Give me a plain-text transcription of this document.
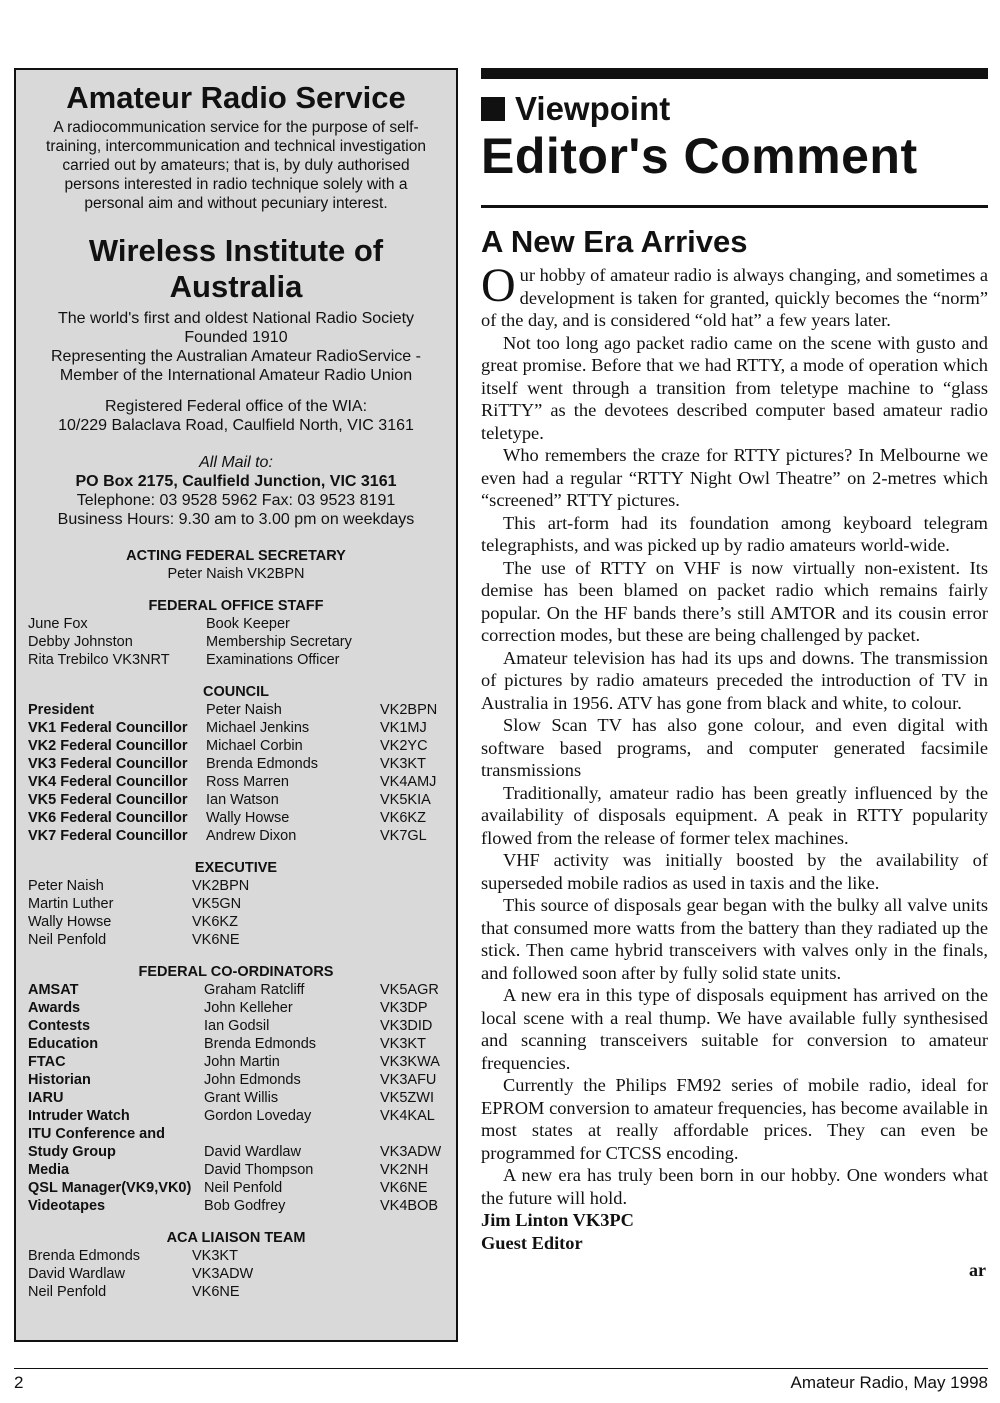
Amateur Radio Service
A radiocommunication service for the purpose of self-training, intercommunication and technical investigation carried out by amateurs; that is, by duly authorised persons interested in radio technique solely with a personal aim and without pecuniary interest.
Wireless Institute of
Australia
The world's first and oldest National Radio Society
Founded 1910
Representing the Australian Amateur RadioService -
Member of the International Amateur Radio Union
Registered Federal office of the WIA:
10/229 Balaclava Road, Caulfield North, VIC 3161
All Mail to:
PO Box 2175, Caulfield Junction, VIC 3161
Telephone: 03 9528 5962 Fax: 03 9523 8191
Business Hours: 9.30 am to 3.00 pm on weekdays
ACTING FEDERAL SECRETARY
Peter Naish VK2BPN
FEDERAL OFFICE STAFF
June Fox	Book Keeper
Debby Johnston	Membership Secretary
Rita Trebilco VK3NRT	Examinations Officer
COUNCIL
President	Peter Naish	VK2BPN
VK1 Federal Councillor	Michael Jenkins	VK1MJ
VK2 Federal Councillor	Michael Corbin	VK2YC
VK3 Federal Councillor	Brenda Edmonds	VK3KT
VK4 Federal Councillor	Ross Marren	VK4AMJ
VK5 Federal Councillor	Ian Watson	VK5KIA
VK6 Federal Councillor	Wally Howse	VK6KZ
VK7 Federal Councillor	Andrew Dixon	VK7GL
EXECUTIVE
Peter Naish	VK2BPN
Martin Luther	VK5GN
Wally Howse	VK6KZ
Neil Penfold	VK6NE
FEDERAL CO-ORDINATORS
AMSAT	Graham Ratcliff	VK5AGR
Awards	John Kelleher	VK3DP
Contests	Ian Godsil	VK3DID
Education	Brenda Edmonds	VK3KT
FTAC	John Martin	VK3KWA
Historian	John Edmonds	VK3AFU
IARU	Grant Willis	VK5ZWI
Intruder Watch	Gordon Loveday	VK4KAL
ITU Conference and		
Study Group	David Wardlaw	VK3ADW
Media	David Thompson	VK2NH
QSL Manager(VK9,VK0)	Neil Penfold	VK6NE
Videotapes	Bob Godfrey	VK4BOB
ACA LIAISON TEAM
Brenda Edmonds	VK3KT
David Wardlaw	VK3ADW
Neil Penfold	VK6NE
Viewpoint
Editor's Comment
A New Era Arrives

Our hobby of amateur radio is always changing, and sometimes a development is taken for granted, quickly becomes the “norm” of the day, and is considered “old hat” a few years later.

Not too long ago packet radio came on the scene with gusto and great promise. Before that we had RTTY, a mode of operation which itself went through a transition from teletype machine to “glass RiTTY” as the devotees described computer based amateur radio teletype.

Who remembers the craze for RTTY pictures? In Melbourne we even had a regular “RTTY Night Owl Theatre” on 2-metres which “screened” RTTY pictures.

This art-form had its foundation among keyboard telegram telegraphists, and was picked up by radio amateurs world-wide.

The use of RTTY on VHF is now virtually non-existent. Its demise has been blamed on packet radio which remains fairly popular. On the HF bands there’s still AMTOR and its cousin error correction modes, but these are being challenged by packet.

Amateur television has had its ups and downs. The transmission of pictures by radio amateurs preceded the introduction of TV in Australia in 1956. ATV has gone from black and white, to colour.

Slow Scan TV has also gone colour, and even digital with software based programs, and computer generated facsimile transmissions

Traditionally, amateur radio has been greatly influenced by the availability of disposals equipment. A peak in RTTY popularity flowed from the release of former telex machines.

VHF activity was initially boosted by the availability of superseded mobile radios as used in taxis and the like.

This source of disposals gear began with the bulky all valve units that consumed more watts from the battery than they radiated up the stick. Then came hybrid transceivers with valves only in the finals, and followed soon after by fully solid state units.

A new era in this type of disposals equipment has arrived on the local scene with a real thump. We have available fully synthesised and scanning transceivers suitable for conversion to amateur frequencies.

Currently the Philips FM92 series of mobile radio, ideal for EPROM conversion to amateur frequencies, has become available in most states at really affordable prices. They can even be programmed for CTCSS encoding.

A new era has truly been born in our hobby. One wonders what the future will hold.

Jim Linton VK3PC
Guest Editor
ar
2	Amateur Radio, May 1998
